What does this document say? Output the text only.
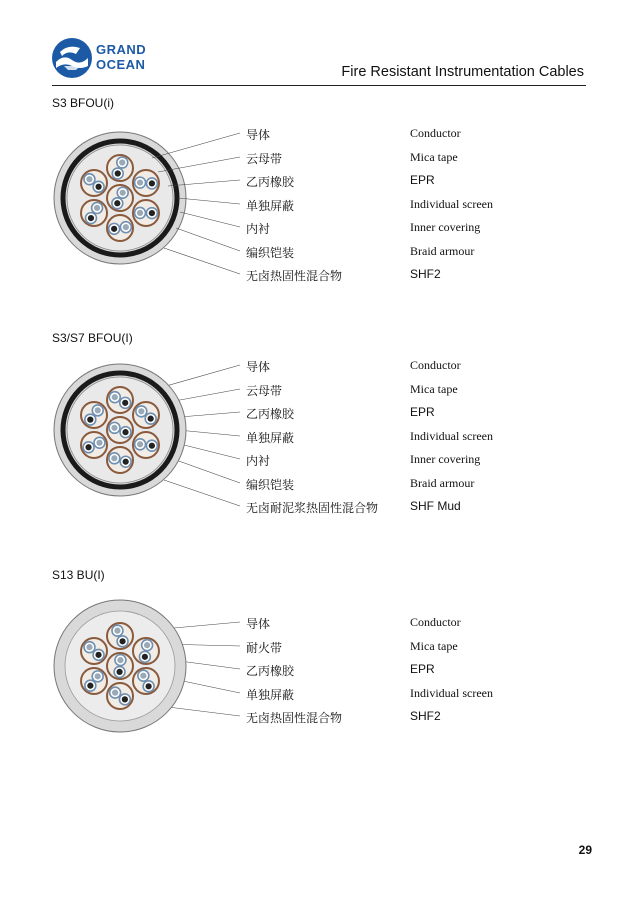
GRAND
OCEAN	Fire Resistant Instrumentation Cables
S3 BFOU(i)
导体	Conductor
云母带	Mica tape
乙丙橡胶	EPR
单独屏蔽	Individual screen
内衬	Inner covering
编织铠装	Braid armour
无卤热固性混合物	SHF2
S3/S7 BFOU(I)
导体	Conductor
云母带	Mica tape
乙丙橡胶	EPR
单独屏蔽	Individual screen
内衬	Inner covering
编织铠装	Braid armour
无卤耐泥浆热固性混合物	SHF Mud
S13 BU(I)
导体	Conductor
耐火带	Mica tape
乙丙橡胶	EPR
单独屏蔽	Individual screen
无卤热固性混合物	SHF2
29
